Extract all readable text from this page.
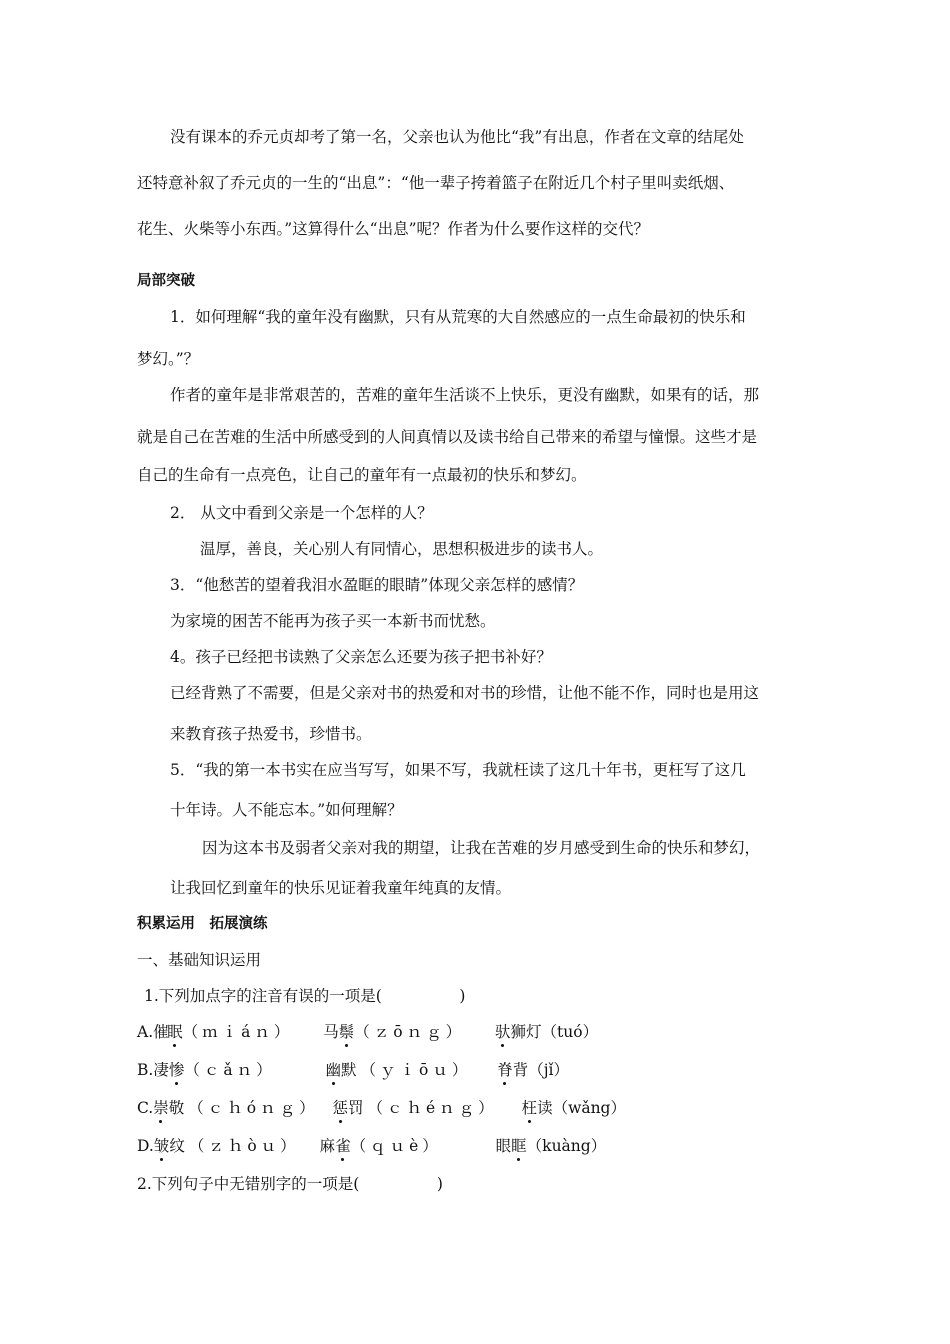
没有课本的乔元贞却考了第一名，父亲也认为他比“我”有出息，作者在文章的结尾处
还特意补叙了乔元贞的一生的“出息”：“他一辈子挎着篮子在附近几个村子里叫卖纸烟、
花生、火柴等小东西。”这算得什么“出息”呢？作者为什么要作这样的交代？
局部突破
1．如何理解“我的童年没有幽默，只有从荒寒的大自然感应的一点生命最初的快乐和
梦幻。”？
作者的童年是非常艰苦的，苦难的童年生活谈不上快乐，更没有幽默，如果有的话，那
就是自己在苦难的生活中所感受到的人间真情以及读书给自己带来的希望与憧憬。这些才是
自己的生命有一点亮色，让自己的童年有一点最初的快乐和梦幻。
2． 从文中看到父亲是一个怎样的人？
温厚，善良，关心别人有同情心，思想积极进步的读书人。
3．“他愁苦的望着我泪水盈眶的眼睛”体现父亲怎样的感情？
为家境的困苦不能再为孩子买一本新书而忧愁。
4。孩子已经把书读熟了父亲怎么还要为孩子把书补好？
已经背熟了不需要，但是父亲对书的热爱和对书的珍惜，让他不能不作，同时也是用这
来教育孩子热爱书，珍惜书。
5．“我的第一本书实在应当写写，如果不写，我就枉读了这几十年书，更枉写了这几
十年诗。人不能忘本。”如何理解？
因为这本书及弱者父亲对我的期望，让我在苦难的岁月感受到生命的快乐和梦幻，
让我回忆到童年的快乐见证着我童年纯真的友情。
积累运用　拓展演练
一、基础知识运用
1.下列加点字的注音有误的一项是(　　　　　)
A.催眠（ｍｉáｎ） 马鬃（ｚōｎｇ） 驮狮灯（tuó）
B.凄惨（ｃǎｎ）	幽默（ｙｉōｕ） 脊背（jǐ）
C.崇敬（ｃｈóｎｇ） 惩罚（ｃｈéｎｇ） 枉读（wǎng）
D.皱纹（ｚｈòｕ） 麻雀（ｑｕè）	眼眶（kuàng）
2.下列句子中无错别字的一项是(　　　　　)
